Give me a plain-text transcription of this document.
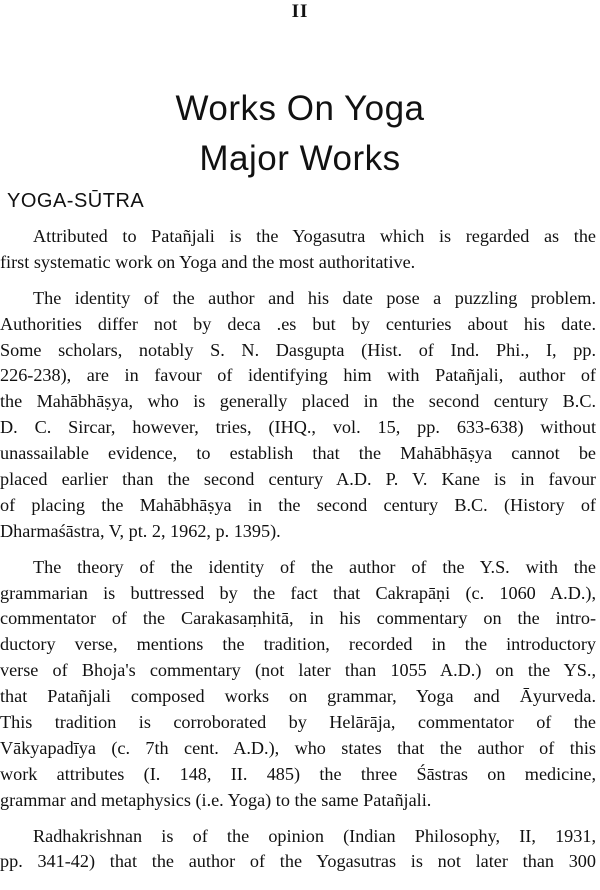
II
Works On Yoga
Major Works
YOGA-SŪTRA
Attributed to Patañjali is the Yogasutra which is regarded as the
first systematic work on Yoga and the most authoritative.
The identity of the author and his date pose a puzzling problem.
Authorities differ not by deca .es but by centuries about his date.
Some scholars, notably S. N. Dasgupta (Hist. of Ind. Phi., I, pp.
226-238), are in favour of identifying him with Patañjali, author of
the Mahābhāṣya, who is generally placed in the second century B.C.
D. C. Sircar, however, tries, (IHQ., vol. 15, pp. 633-638) without
unassailable evidence, to establish that the Mahābhāṣya cannot be
placed earlier than the second century A.D. P. V. Kane is in favour
of placing the Mahābhāṣya in the second century B.C. (History of
Dharmaśāstra, V, pt. 2, 1962, p. 1395).
The theory of the identity of the author of the Y.S. with the
grammarian is buttressed by the fact that Cakrapāṇi (c. 1060 A.D.),
commentator of the Carakasaṃhitā, in his commentary on the intro-
ductory verse, mentions the tradition, recorded in the introductory
verse of Bhoja's commentary (not later than 1055 A.D.) on the YS.,
that Patañjali composed works on grammar, Yoga and Āyurveda.
This tradition is corroborated by Helārāja, commentator of the
Vākyapadīya (c. 7th cent. A.D.), who states that the author of this
work attributes (I. 148, II. 485) the three Śāstras on medicine,
grammar and metaphysics (i.e. Yoga) to the same Patañjali.
Radhakrishnan is of the opinion (Indian Philosophy, II, 1931,
pp. 341-42) that the author of the Yogasutras is not later than 300
